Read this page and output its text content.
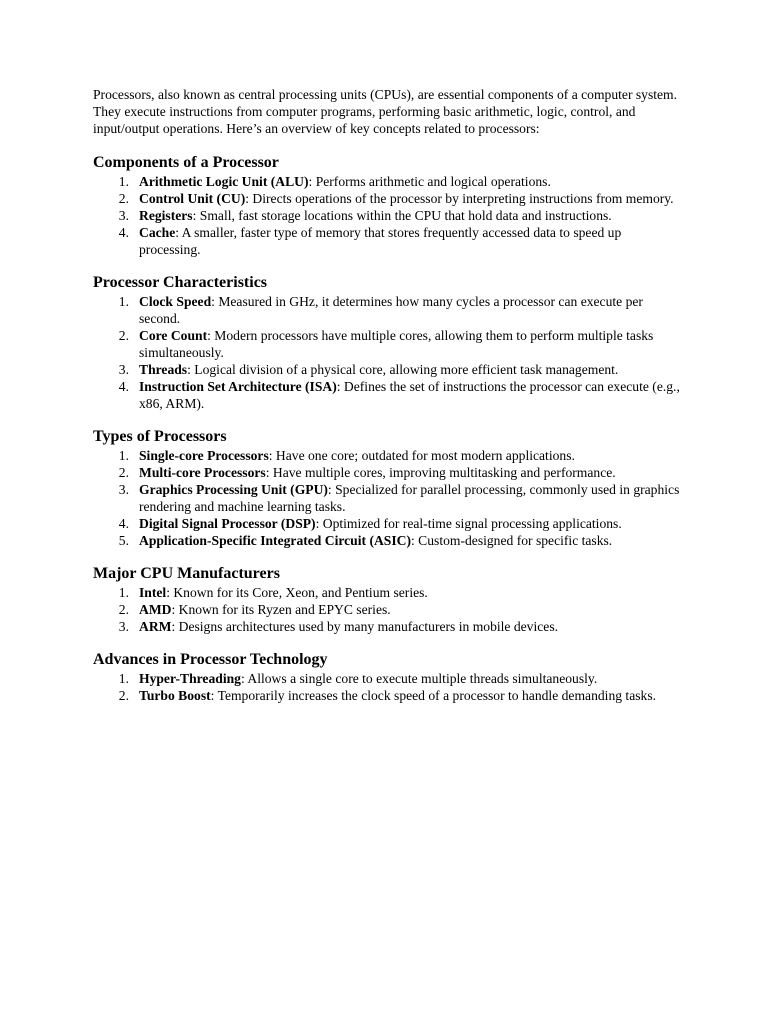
Processors, also known as central processing units (CPUs), are essential components of a computer system. They execute instructions from computer programs, performing basic arithmetic, logic, control, and input/output operations. Here’s an overview of key concepts related to processors:

Components of a Processor
1. Arithmetic Logic Unit (ALU): Performs arithmetic and logical operations.
2. Control Unit (CU): Directs operations of the processor by interpreting instructions from memory.
3. Registers: Small, fast storage locations within the CPU that hold data and instructions.
4. Cache: A smaller, faster type of memory that stores frequently accessed data to speed up processing.
Processor Characteristics
1. Clock Speed: Measured in GHz, it determines how many cycles a processor can execute per second.
2. Core Count: Modern processors have multiple cores, allowing them to perform multiple tasks simultaneously.
3. Threads: Logical division of a physical core, allowing more efficient task management.
4. Instruction Set Architecture (ISA): Defines the set of instructions the processor can execute (e.g., x86, ARM).
Types of Processors
1. Single-core Processors: Have one core; outdated for most modern applications.
2. Multi-core Processors: Have multiple cores, improving multitasking and performance.
3. Graphics Processing Unit (GPU): Specialized for parallel processing, commonly used in graphics rendering and machine learning tasks.
4. Digital Signal Processor (DSP): Optimized for real-time signal processing applications.
5. Application-Specific Integrated Circuit (ASIC): Custom-designed for specific tasks.
Major CPU Manufacturers
1. Intel: Known for its Core, Xeon, and Pentium series.
2. AMD: Known for its Ryzen and EPYC series.
3. ARM: Designs architectures used by many manufacturers in mobile devices.
Advances in Processor Technology
1. Hyper-Threading: Allows a single core to execute multiple threads simultaneously.
2. Turbo Boost: Temporarily increases the clock speed of a processor to handle demanding tasks.
